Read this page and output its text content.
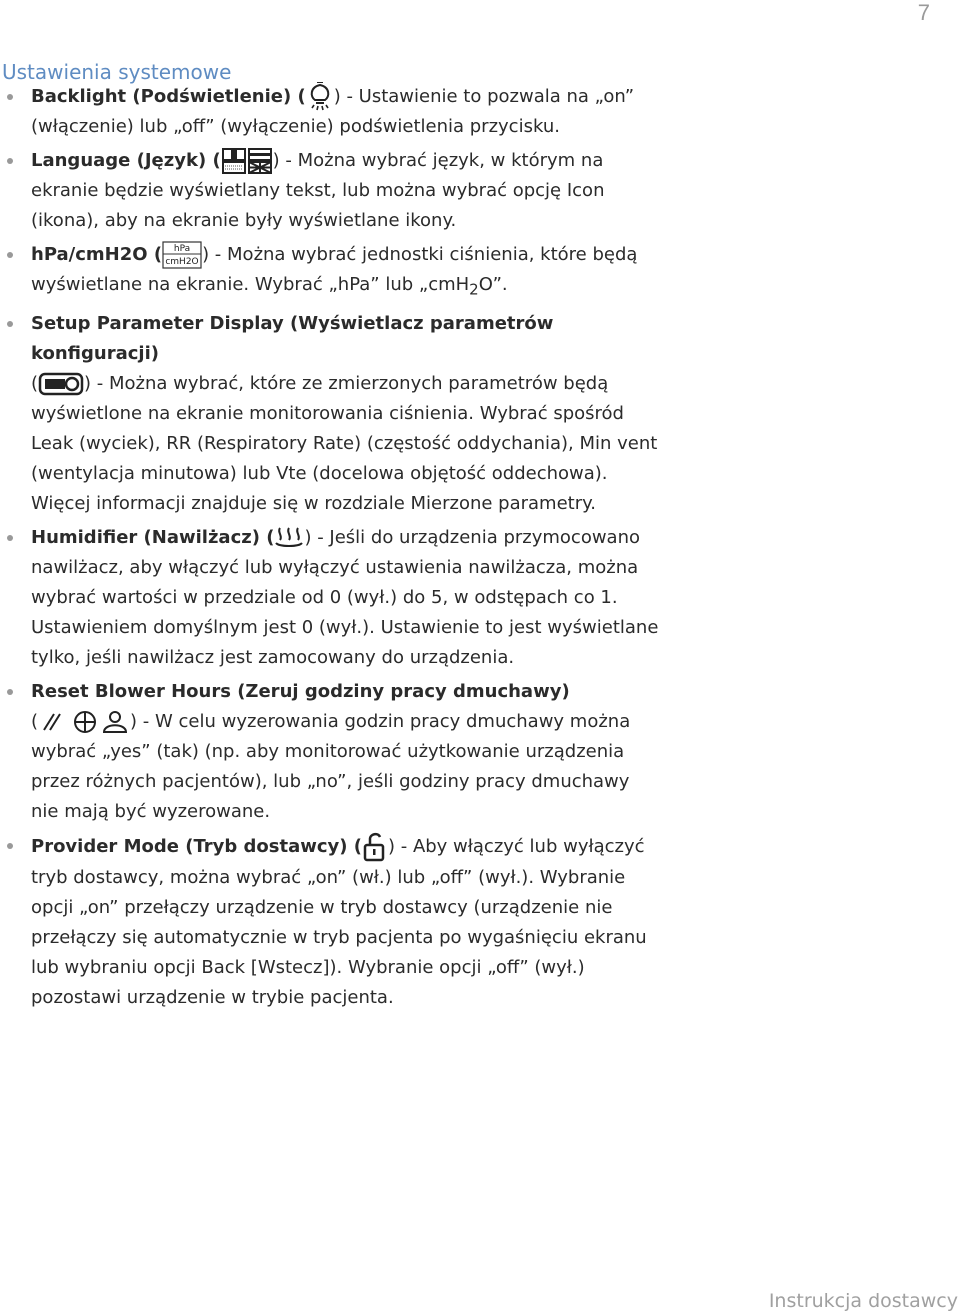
7
Ustawienia systemowe
Backlight (Podświetlenie) ( ) - Ustawienie to pozwala na „on” (włączenie) lub „off” (wyłączenie) podświetlenia przycisku.
Language (Język) (	) - Można wybrać język, w którym na ekranie będzie wyświetlany tekst, lub można wybrać opcję Icon (ikona), aby na ekranie były wyświetlane ikony.
hPa/cmH2O ( hPa
cmH2O ) - Można wybrać jednostki ciśnienia, które będą wyświetlane na ekranie. Wybrać „hPa” lub „cmH$_2$O”.
Setup Parameter Display (Wyświetlacz parametrów konfiguracji)
(	) - Można wybrać, które ze zmierzonych parametrów będą wyświetlone na ekranie monitorowania ciśnienia. Wybrać spośród Leak (wyciek), RR (Respiratory Rate) (częstość oddychania), Min vent (wentylacja minutowa) lub Vte (docelowa objętość oddechowa). Więcej informacji znajduje się w rozdziale Mierzone parametry.
Humidifier (Nawilżacz) ( ) - Jeśli do urządzenia przymocowano nawilżacz, aby włączyć lub wyłączyć ustawienia nawilżacza, można wybrać wartości w przedziale od 0 (wył.) do 5, w odstępach co 1. Ustawieniem domyślnym jest 0 (wył.). Ustawienie to jest wyświetlane tylko, jeśli nawilżacz jest zamocowany do urządzenia.
Reset Blower Hours (Zeruj godziny pracy dmuchawy)
(	) - W celu wyzerowania godzin pracy dmuchawy można wybrać „yes” (tak) (np. aby monitorować użytkowanie urządzenia przez różnych pacjentów), lub „no”, jeśli godziny pracy dmuchawy nie mają być wyzerowane.
Provider Mode (Tryb dostawcy) ( ) - Aby włączyć lub wyłączyć tryb dostawcy, można wybrać „on” (wł.) lub „off” (wył.). Wybranie opcji „on” przełączy urządzenie w tryb dostawcy (urządzenie nie przełączy się automatycznie w tryb pacjenta po wygaśnięciu ekranu lub wybraniu opcji Back [Wstecz]). Wybranie opcji „off” (wył.) pozostawi urządzenie w trybie pacjenta.
Instrukcja dostawcy
